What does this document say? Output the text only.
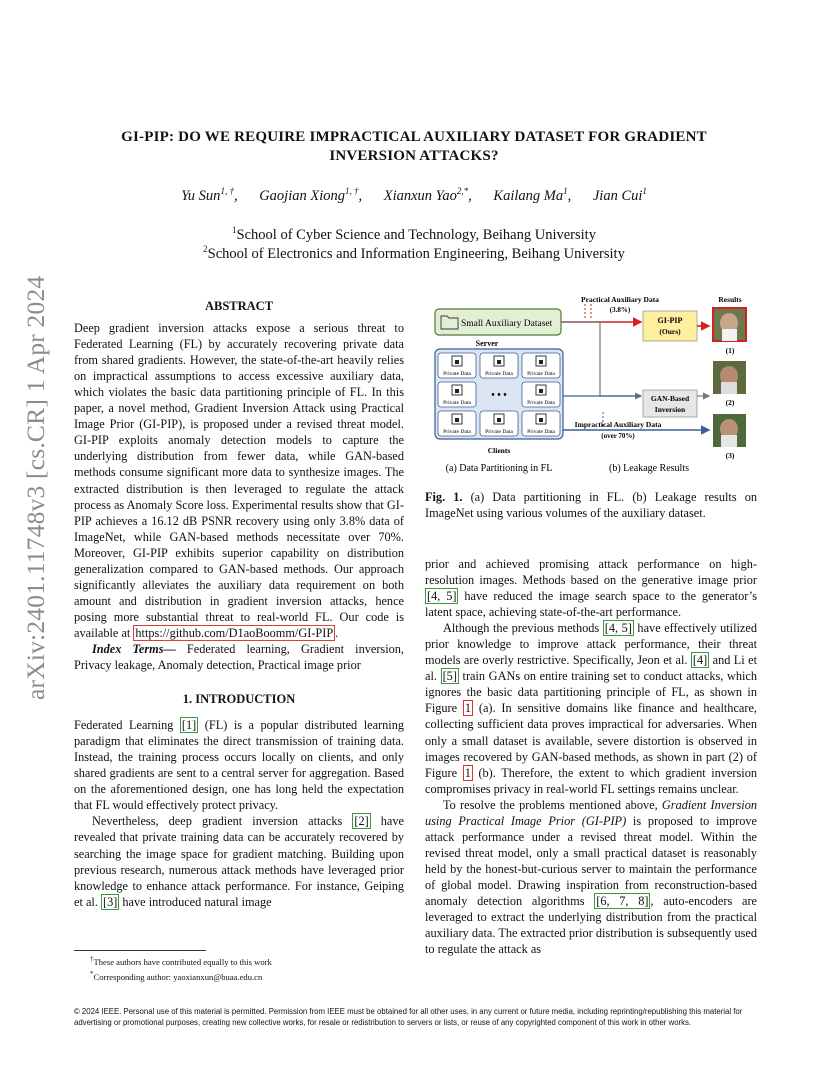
arXiv:2401.11748v3 [cs.CR] 1 Apr 2024
GI-PIP: DO WE REQUIRE IMPRACTICAL AUXILIARY DATASET FOR GRADIENT
INVERSION ATTACKS?
Yu Sun$^{1, \dagger}$, Gaojian Xiong$^{1, \dagger}$, Xianxun Yao$^{2,*}$, Kailang Ma$^1$, Jian Cui$^1$
$^1$School of Cyber Science and Technology, Beihang University
$^2$School of Electronics and Information Engineering, Beihang University
ABSTRACT

Deep gradient inversion attacks expose a serious threat to Federated Learning (FL) by accurately recovering private data from shared gradients. However, the state-of-the-art heavily relies on impractical assumptions to access excessive auxiliary data, which violates the basic data partitioning principle of FL. In this paper, a novel method, Gradient Inversion Attack using Practical Image Prior (GI-PIP), is proposed under a revised threat model. GI-PIP exploits anomaly detection models to capture the underlying distribution from fewer data, while GAN-based methods consume significant more data to synthesize images. The extracted distribution is then leveraged to regulate the attack process as Anomaly Score loss. Experimental results show that GI-PIP achieves a 16.12 dB PSNR recovery using only 3.8% data of ImageNet, while GAN-based methods necessitate over 70%. Moreover, GI-PIP exhibits superior capability on distribution generalization compared to GAN-based methods. Our approach significantly alleviates the auxiliary data requirement on both amount and distribution in gradient inversion attacks, hence posing more substantial threat to real-world FL. Our code is available at https://github.com/D1aoBoomm/GI-PIP .

Index Terms— Federated learning, Gradient inversion, Privacy leakage, Anomaly detection, Practical image prior

1. INTRODUCTION

Federated Learning [1] (FL) is a popular distributed learning paradigm that eliminates the direct transmission of training data. Instead, the training process occurs locally on clients, and only shared gradients are sent to a central server for aggregation. Based on the aforementioned design, one has long held the expectation that FL would effectively protect privacy.

Nevertheless, deep gradient inversion attacks [2] have revealed that private training data can be accurately recovered by searching the image space for gradient matching. Building upon previous research, numerous attack methods have leveraged prior knowledge to enhance attack performance. For instance, Geiping et al. [3] have introduced natural image

†These authors have contributed equally to this work
*Corresponding author: yaoxianxun@buaa.edu.cn
Small Auxiliary Dataset
Server
Private Data	Private Data	Private Data
Private Data
• • •
Private Data
Private Data	Private Data	Private Data
Clients
Practical Auxiliary Data
(3.8%)
GI-PIP
(Ours)
GAN-Based
Inversion
Impractical Auxiliary Data
(over 70%)
Results
(1)
(2)
(3)
(a) Data Partitioning in FL	(b) Leakage Results
Fig. 1. (a) Data partitioning in FL. (b) Leakage results on ImageNet using various volumes of the auxiliary dataset.

prior and achieved promising attack performance on high-resolution images. Methods based on the generative image prior [4, 5] have reduced the image search space to the generator’s latent space, achieving state-of-the-art performance.

Although the previous methods [4, 5] have effectively utilized prior knowledge to improve attack performance, their threat models are overly restrictive. Specifically, Jeon et al. [4] and Li et al. [5] train GANs on entire training set to conduct attacks, which ignores the basic data partitioning principle of FL, as shown in Figure 1 (a). In sensitive domains like finance and healthcare, collecting sufficient data proves impractical for adversaries. When only a small dataset is available, severe distortion is observed in images recovered by GAN-based methods, as shown in part (2) of Figure 1 (b). Therefore, the extent to which gradient inversion compromises privacy in real-world FL settings remains unclear.

To resolve the problems mentioned above, Gradient Inversion using Practical Image Prior (GI-PIP) is proposed to improve attack performance under a revised threat model. Within the revised threat model, only a small practical dataset is reasonably held by the honest-but-curious server to maintain the performance of global model. Drawing inspiration from reconstruction-based anomaly detection algorithms [6, 7, 8] , auto-encoders are leveraged to extract the underlying distribution from the practical auxiliary data. The extracted prior distribution is subsequently used to regulate the attack as

© 2024 IEEE. Personal use of this material is permitted. Permission from IEEE must be obtained for all other uses, in any current or future media, including reprinting/republishing this material for advertising or promotional purposes, creating new collective works, for resale or redistribution to servers or lists, or reuse of any copyrighted component of this work in other works.
